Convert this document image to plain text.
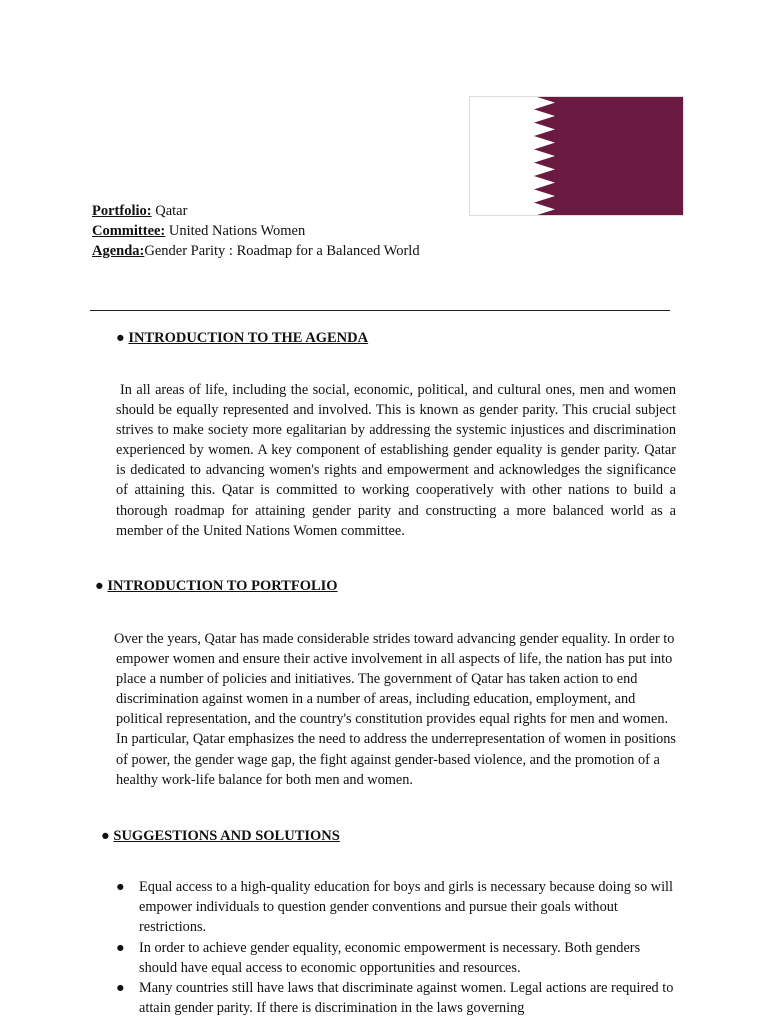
Portfolio: Qatar
Committee: United Nations Women
Agenda:Gender Parity : Roadmap for a Balanced World
● INTRODUCTION TO THE AGENDA

In all areas of life, including the social, economic, political, and cultural ones, men and women should be equally represented and involved. This is known as gender parity. This crucial subject strives to make society more egalitarian by addressing the systemic injustices and discrimination experienced by women. A key component of establishing gender equality is gender parity. Qatar is dedicated to advancing women's rights and empowerment and acknowledges the significance of attaining this. Qatar is committed to working cooperatively with other nations to build a thorough roadmap for attaining gender parity and constructing a more balanced world as a member of the United Nations Women committee.

● INTRODUCTION TO PORTFOLIO

Over the years, Qatar has made considerable strides toward advancing gender equality. In order to empower women and ensure their active involvement in all aspects of life, the nation has put into place a number of policies and initiatives. The government of Qatar has taken action to end discrimination against women in a number of areas, including education, employment, and political representation, and the country's constitution provides equal rights for men and women. In particular, Qatar emphasizes the need to address the underrepresentation of women in positions of power, the gender wage gap, the fight against gender-based violence, and the promotion of a healthy work-life balance for both men and women.

● SUGGESTIONS AND SOLUTIONS
● Equal access to a high-quality education for boys and girls is necessary because doing so will empower individuals to question gender conventions and pursue their goals without restrictions.
● In order to achieve gender equality, economic empowerment is necessary. Both genders should have equal access to economic opportunities and resources.
● Many countries still have laws that discriminate against women. Legal actions are required to attain gender parity. If there is discrimination in the laws governing
